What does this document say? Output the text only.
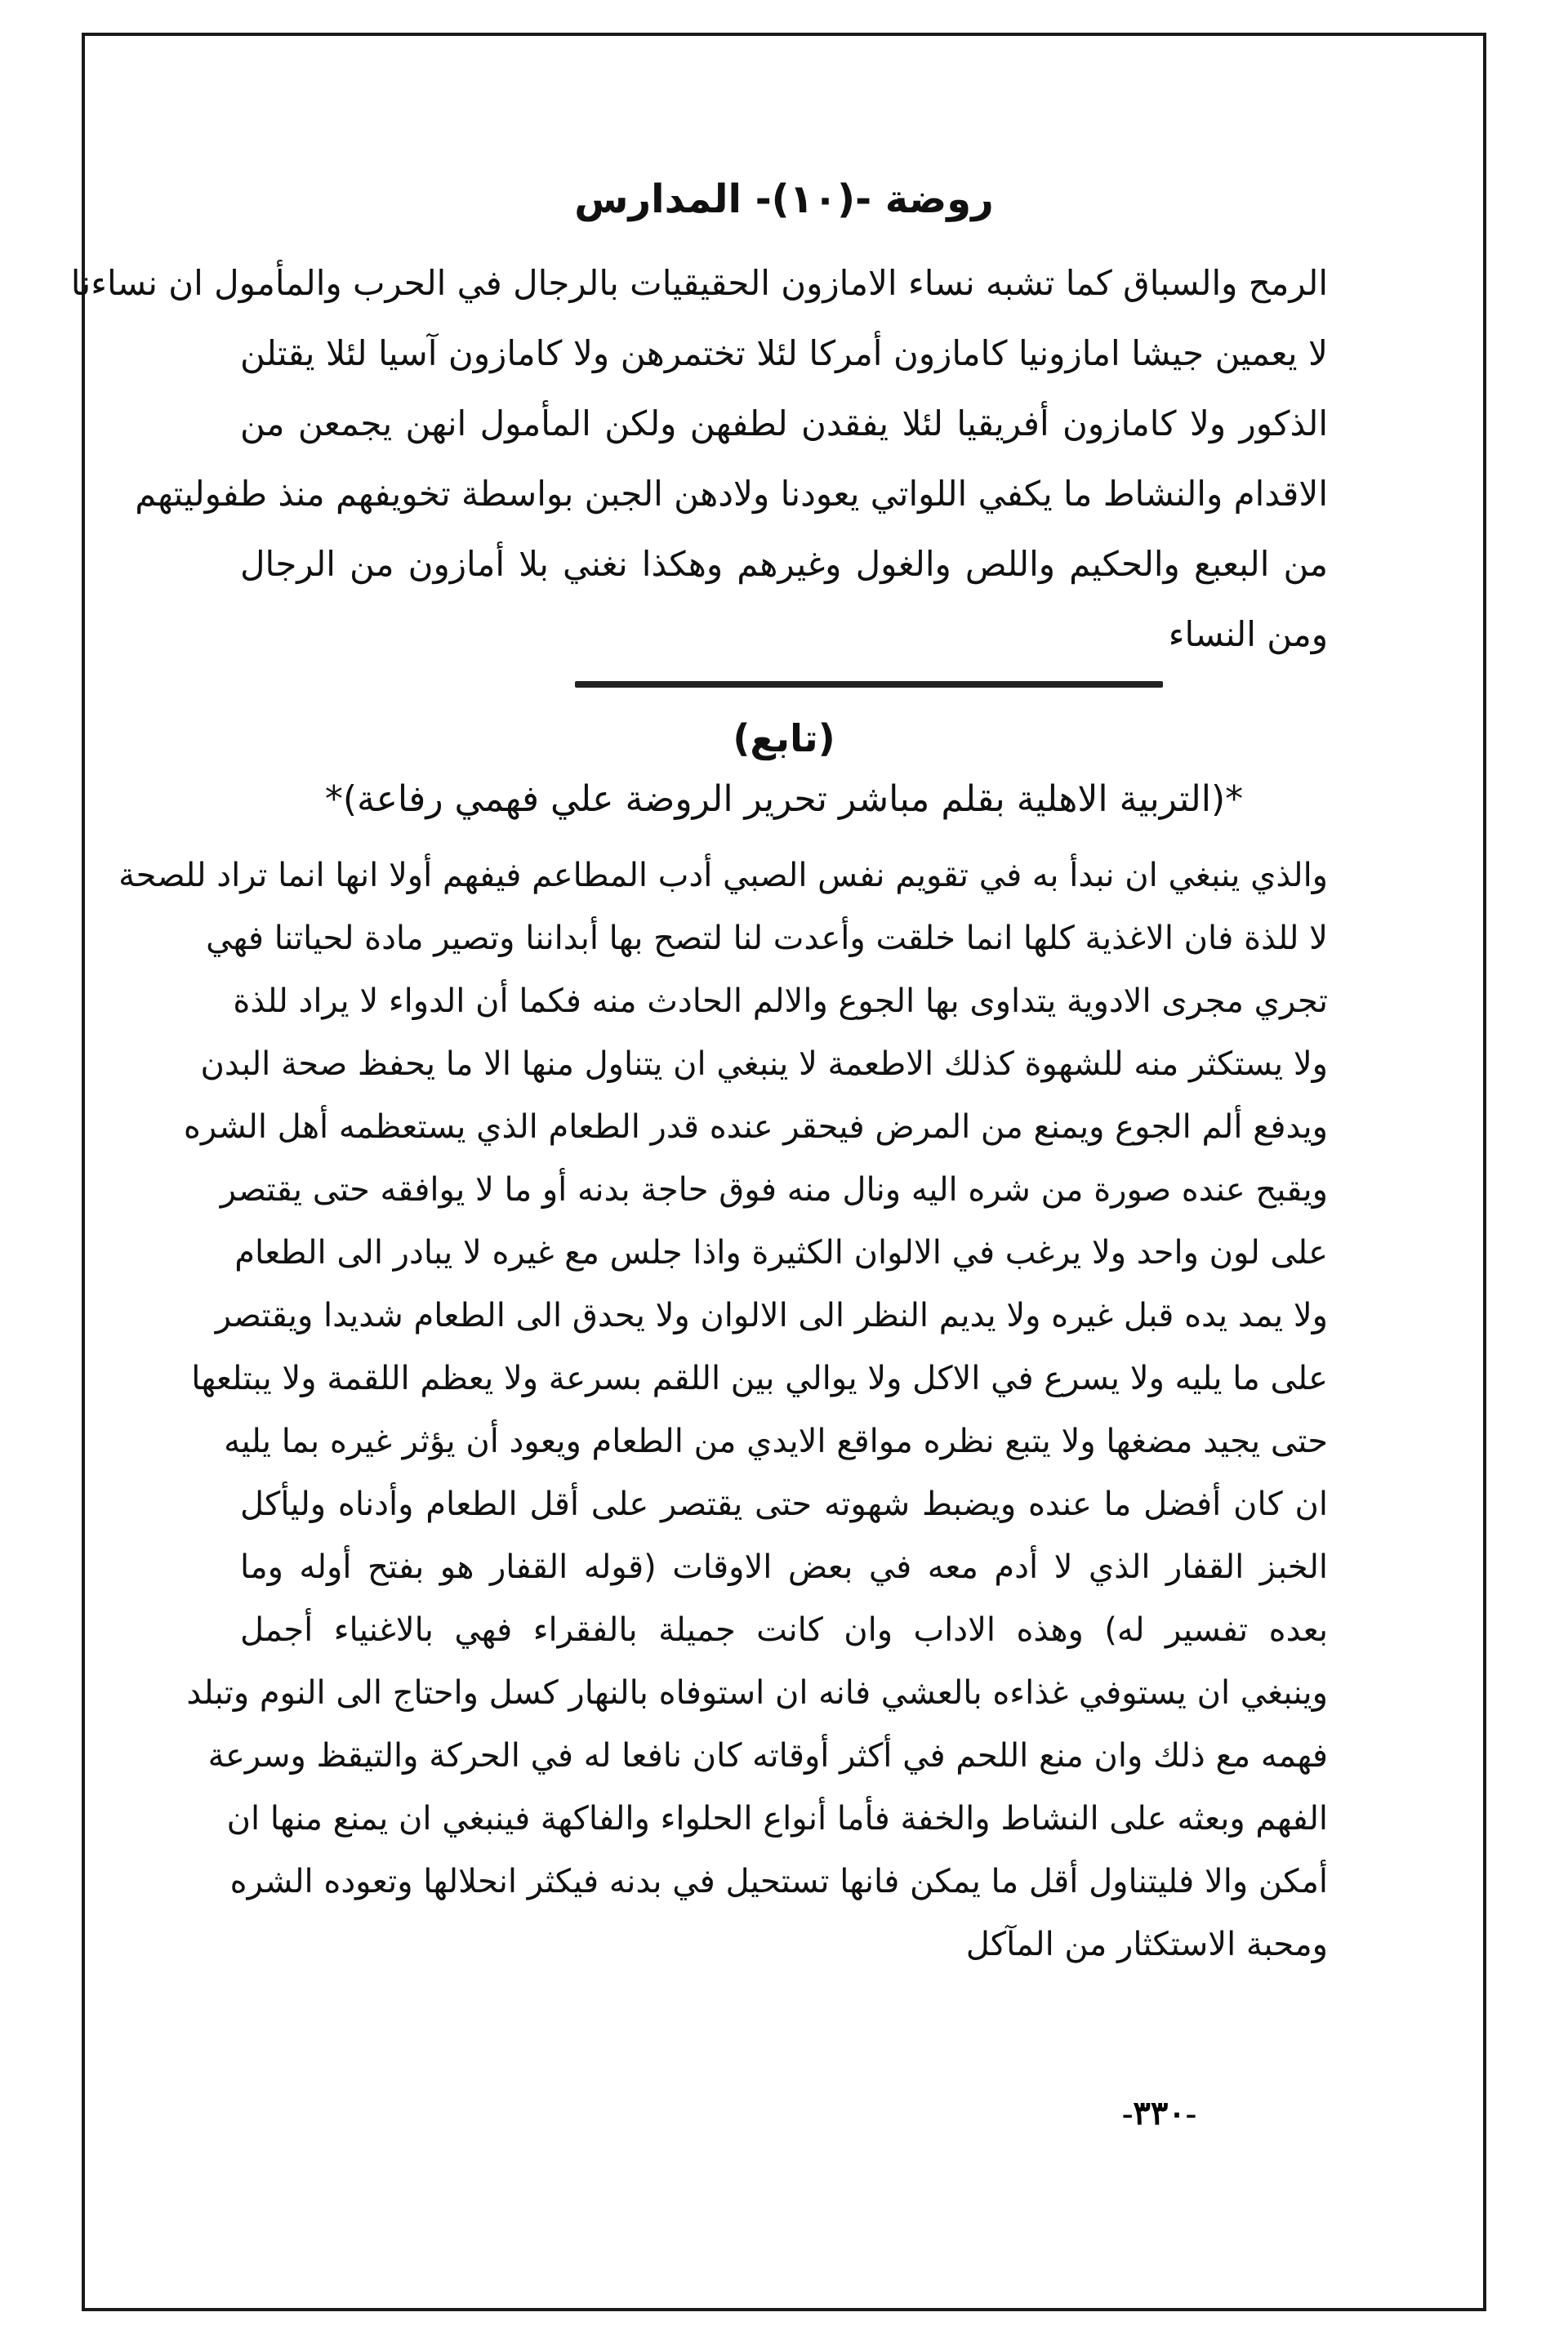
روضة -(١٠)- المدارس
الرمح والسباق كما تشبه نساء الامازون الحقيقيات بالرجال في الحرب والمأمول ان نساءنا
لا يعمين جيشا امازونيا كامازون أمركا لئلا تختمرهن ولا كامازون آسيا لئلا يقتلن
الذكور ولا كامازون أفريقيا لئلا يفقدن لطفهن ولكن المأمول انهن يجمعن من
الاقدام والنشاط ما يكفي اللواتي يعودنا ولادهن الجبن بواسطة تخويفهم منذ طفوليتهم
من البعبع والحكيم واللص والغول وغيرهم وهكذا نغني بلا أمازون من الرجال
ومن النساء
(تابع)
*(التربية الاهلية بقلم مباشر تحرير الروضة علي فهمي رفاعة)*
والذي ينبغي ان نبدأ به في تقويم نفس الصبي أدب المطاعم فيفهم أولا انها انما تراد للصحة
لا للذة فان الاغذية كلها انما خلقت وأعدت لنا لتصح بها أبداننا وتصير مادة لحياتنا فهي
تجري مجرى الادوية يتداوى بها الجوع والالم الحادث منه فكما أن الدواء لا يراد للذة
ولا يستكثر منه للشهوة كذلك الاطعمة لا ينبغي ان يتناول منها الا ما يحفظ صحة البدن
ويدفع ألم الجوع ويمنع من المرض فيحقر عنده قدر الطعام الذي يستعظمه أهل الشره
ويقبح عنده صورة من شره اليه ونال منه فوق حاجة بدنه أو ما لا يوافقه حتى يقتصر
على لون واحد ولا يرغب في الالوان الكثيرة واذا جلس مع غيره لا يبادر الى الطعام
ولا يمد يده قبل غيره ولا يديم النظر الى الالوان ولا يحدق الى الطعام شديدا ويقتصر
على ما يليه ولا يسرع في الاكل ولا يوالي بين اللقم بسرعة ولا يعظم اللقمة ولا يبتلعها
حتى يجيد مضغها ولا يتبع نظره مواقع الايدي من الطعام ويعود أن يؤثر غيره بما يليه
ان كان أفضل ما عنده ويضبط شهوته حتى يقتصر على أقل الطعام وأدناه وليأكل
الخبز القفار الذي لا أدم معه في بعض الاوقات (قوله القفار هو بفتح أوله وما
بعده تفسير له) وهذه الاداب وان كانت جميلة بالفقراء فهي بالاغنياء أجمل
وينبغي ان يستوفي غذاءه بالعشي فانه ان استوفاه بالنهار كسل واحتاج الى النوم وتبلد
فهمه مع ذلك وان منع اللحم في أكثر أوقاته كان نافعا له في الحركة والتيقظ وسرعة
الفهم وبعثه على النشاط والخفة فأما أنواع الحلواء والفاكهة فينبغي ان يمنع منها ان
أمكن والا فليتناول أقل ما يمكن فانها تستحيل في بدنه فيكثر انحلالها وتعوده الشره
ومحبة الاستكثار من المآكل
-٣٣٠-
